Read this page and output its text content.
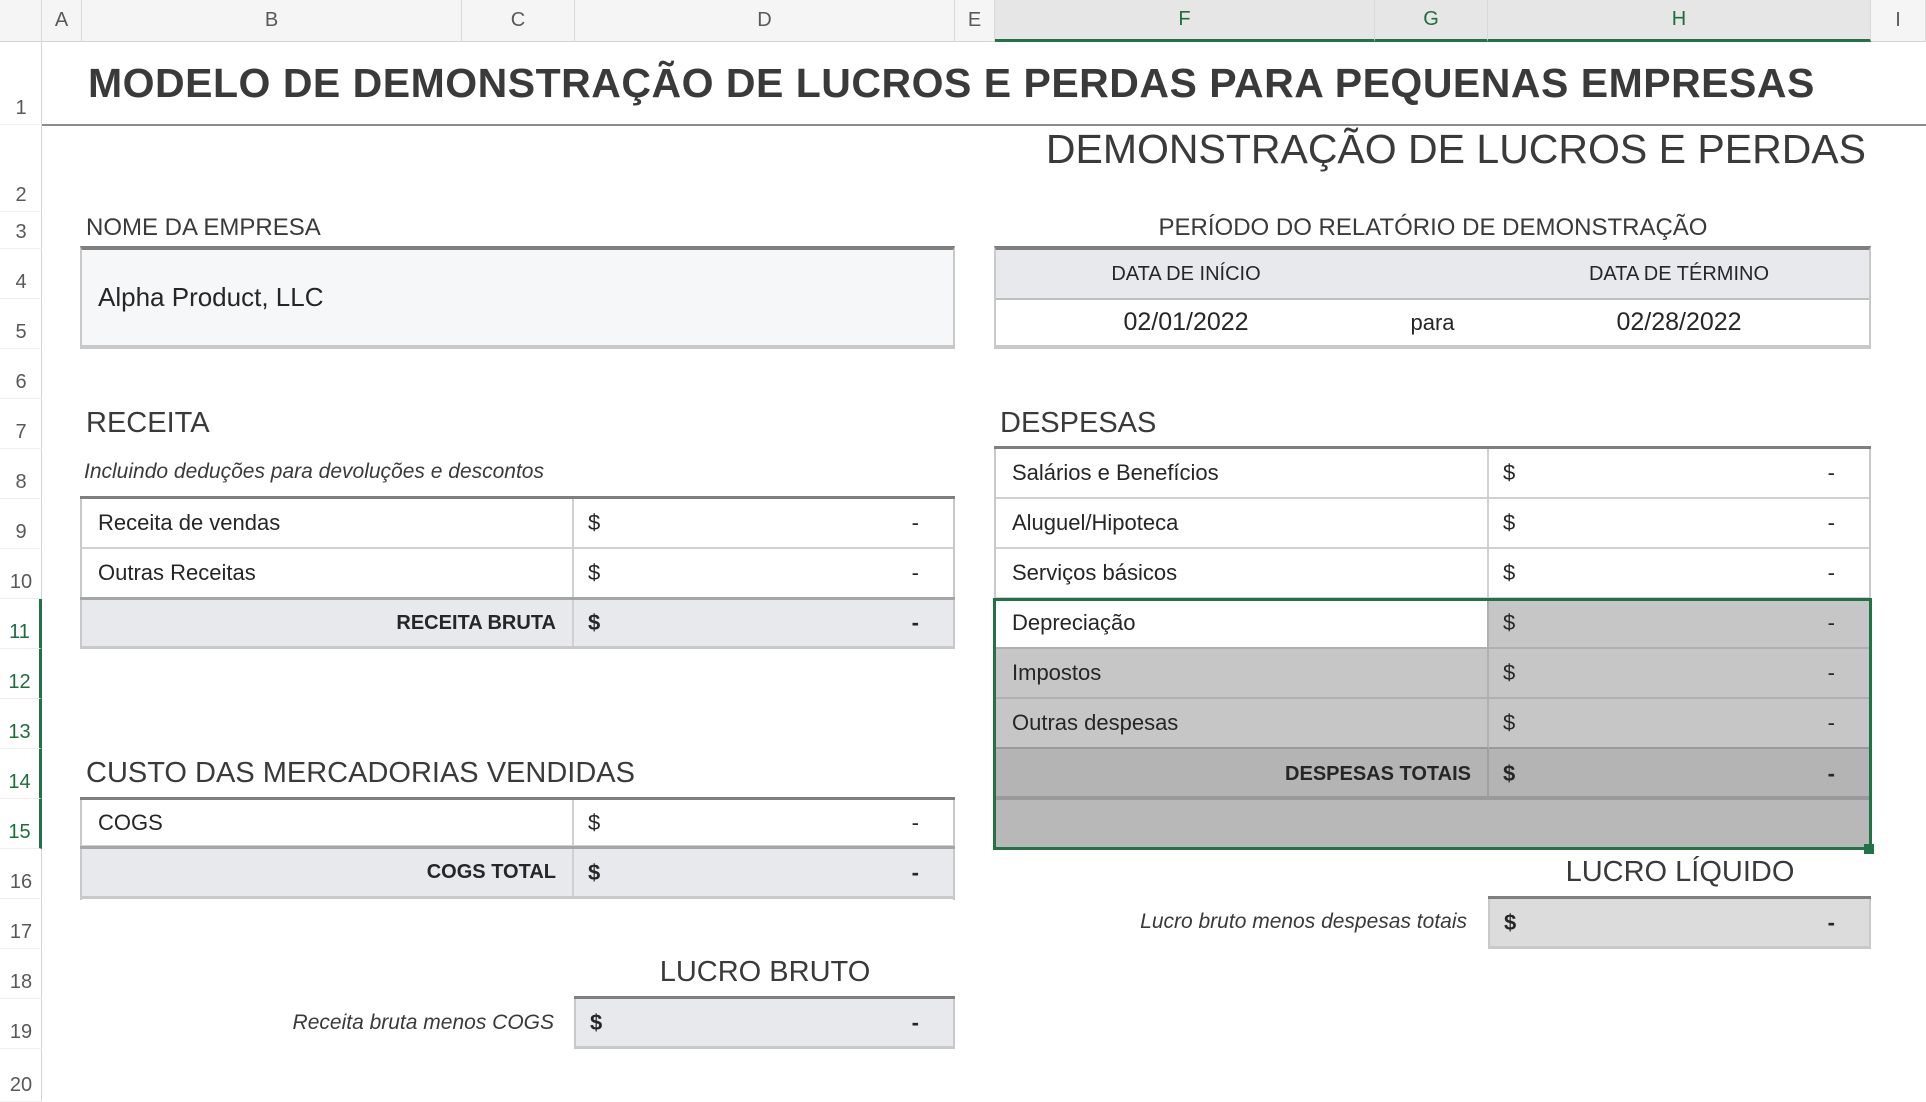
A	B	C	D	E	F	G	H	I
1
2
3
4
5
6
7
8
9
10
11
12
13
14
15
16
17
18
19
20
MODELO DE DEMONSTRAÇÃO DE LUCROS E PERDAS PARA PEQUENAS EMPRESAS
DEMONSTRAÇÃO DE LUCROS E PERDAS
NOME DA EMPRESA
Alpha Product, LLC
PERÍODO DO RELATÓRIO DE DEMONSTRAÇÃO
DATA DE INÍCIO	DATA DE TÉRMINO
02/01/2022	para	02/28/2022
RECEITA
Incluindo deduções para devoluções e descontos
Receita de vendas	$	-
Outras Receitas	$	-
RECEITA BRUTA	$	-
CUSTO DAS MERCADORIAS VENDIDAS
COGS	$	-
COGS TOTAL	$	-
LUCRO BRUTO
Receita bruta menos COGS $	-
DESPESAS
Salários e Benefícios	$	-
Aluguel/Hipoteca	$	-
Serviços básicos	$	-
Depreciação	$	-
Impostos	$	-
Outras despesas	$	-
DESPESAS TOTAIS	$	-
LUCRO LÍQUIDO
Lucro bruto menos despesas totais $	-
